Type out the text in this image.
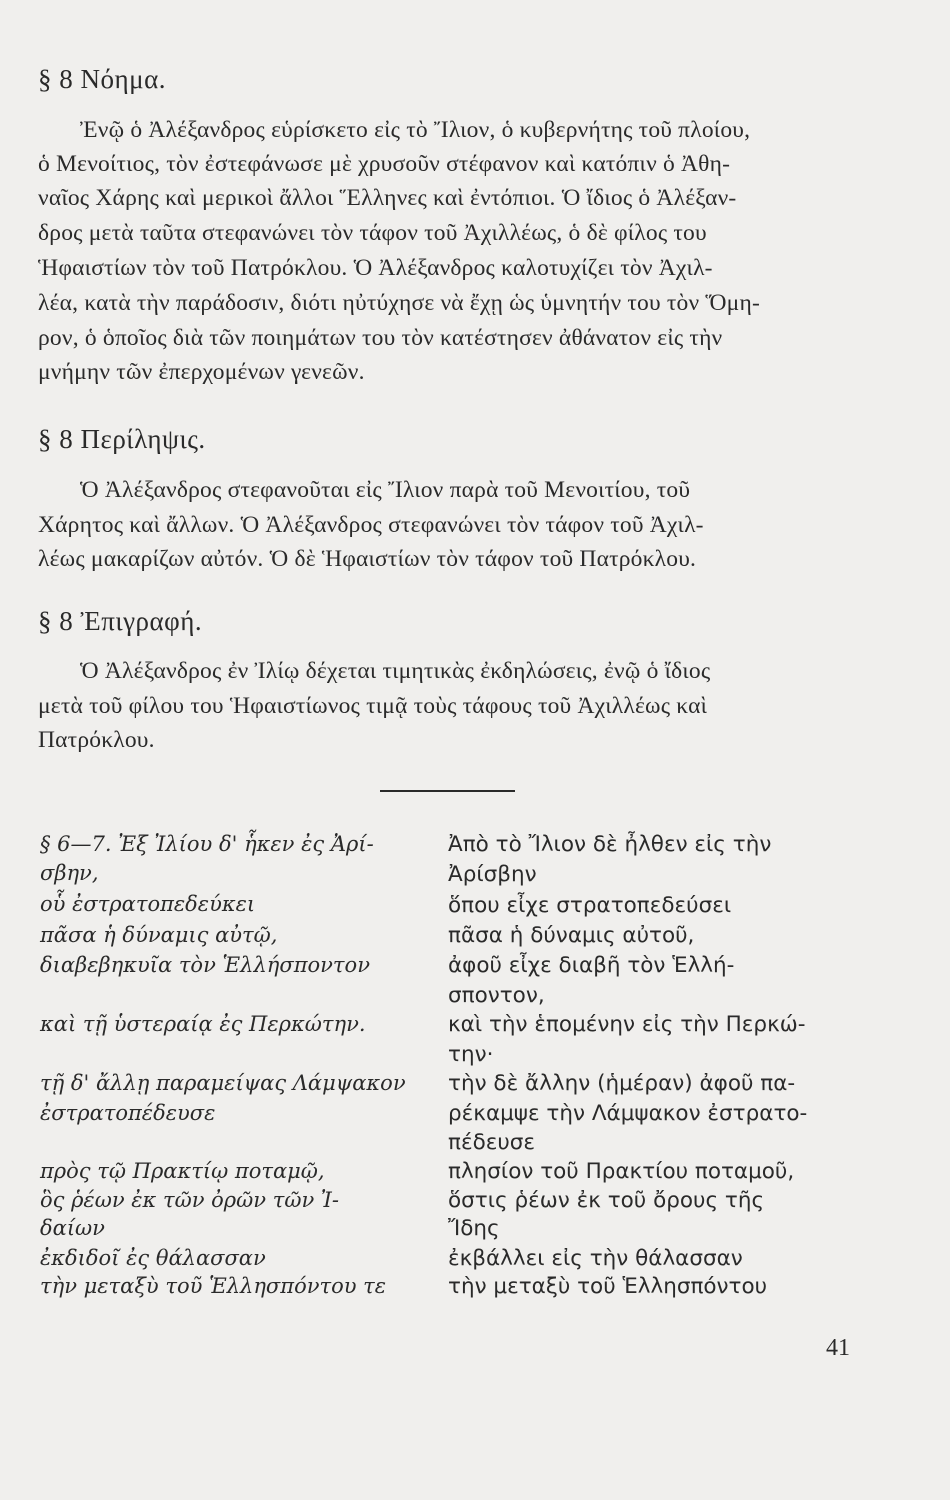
§ 8 Νόημα.
Ἐνῷ ὁ Ἀλέξανδρος εὑρίσκετο εἰς τὸ Ἴλιον, ὁ κυβερνήτης τοῦ πλοίου,
ὁ Μενοίτιος, τὸν ἐστεφάνωσε μὲ χρυσοῦν στέφανον καὶ κατόπιν ὁ Ἀθη-
ναῖος Χάρης καὶ μερικοὶ ἄλλοι Ἕλληνες καὶ ἐντόπιοι. Ὁ ἴδιος ὁ Ἀλέξαν-
δρος μετὰ ταῦτα στεφανώνει τὸν τάφον τοῦ Ἀχιλλέως, ὁ δὲ φίλος του
Ἡφαιστίων τὸν τοῦ Πατρόκλου. Ὁ Ἀλέξανδρος καλοτυχίζει τὸν Ἀχιλ-
λέα, κατὰ τὴν παράδοσιν, διότι ηὐτύχησε νὰ ἔχῃ ὡς ὑμνητήν του τὸν Ὅμη-
ρον, ὁ ὁποῖος διὰ τῶν ποιημάτων του τὸν κατέστησεν ἀθάνατον εἰς τὴν
μνήμην τῶν ἐπερχομένων γενεῶν.
§ 8 Περίληψις.
Ὁ Ἀλέξανδρος στεφανοῦται εἰς Ἴλιον παρὰ τοῦ Μενοιτίου, τοῦ
Χάρητος καὶ ἄλλων. Ὁ Ἀλέξανδρος στεφανώνει τὸν τάφον τοῦ Ἀχιλ-
λέως μακαρίζων αὐτόν. Ὁ δὲ Ἡφαιστίων τὸν τάφον τοῦ Πατρόκλου.
§ 8 Ἐπιγραφή.
Ὁ Ἀλέξανδρος ἐν Ἰλίῳ δέχεται τιμητικὰς ἐκδηλώσεις, ἐνῷ ὁ ἴδιος
μετὰ τοῦ φίλου του Ἡφαιστίωνος τιμᾷ τοὺς τάφους τοῦ Ἀχιλλέως καὶ
Πατρόκλου.
§ 6—7. Ἐξ Ἰλίου δ' ἧκεν ἐς Ἀρί-
σβην,
οὗ ἐστρατοπεδεύκει
πᾶσα ἡ δύναμις αὐτῷ,
διαβεβηκυῖα τὸν Ἑλλήσποντον
καὶ τῇ ὑστεραίᾳ ἐς Περκώτην.
τῇ δ' ἄλλῃ παραμείψας Λάμψακον
ἐστρατοπέδευσε
πρὸς τῷ Πρακτίῳ ποταμῷ,
ὃς ῥέων ἐκ τῶν ὀρῶν τῶν Ἰ-
δαίων
ἐκδιδοῖ ἐς θάλασσαν
τὴν μεταξὺ τοῦ Ἑλλησπόντου τε
Ἀπὸ τὸ Ἴλιον δὲ ἦλθεν εἰς τὴν
Ἀρίσβην
ὅπου εἶχε στρατοπεδεύσει
πᾶσα ἡ δύναμις αὐτοῦ,
ἀφοῦ εἶχε διαβῆ τὸν Ἑλλή-
σποντον,
καὶ τὴν ἑπομένην εἰς τὴν Περκώ-
την·
τὴν δὲ ἄλλην (ἡμέραν) ἀφοῦ πα-
ρέκαμψε τὴν Λάμψακον ἐστρατο-
πέδευσε
πλησίον τοῦ Πρακτίου ποταμοῦ,
ὅστις ῥέων ἐκ τοῦ ὄρους τῆς
Ἴδης
ἐκβάλλει εἰς τὴν θάλασσαν
τὴν μεταξὺ τοῦ Ἑλλησπόντου
41
